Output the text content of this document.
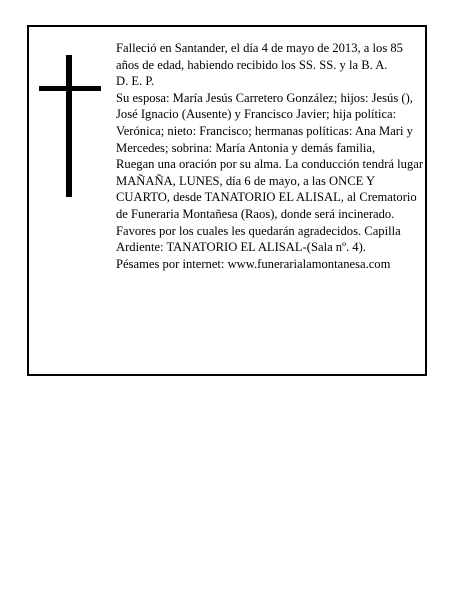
Falleció en Santander, el día 4 de mayo de 2013, a los 85 años de edad, habiendo recibido los SS. SS. y la B. A.

D. E. P.

Su esposa: María Jesús Carretero González; hijos: Jesús (), José Ignacio (Ausente) y Francisco Javier; hija política: Verónica; nieto: Francisco; hermanas políticas: Ana Mari y Mercedes; sobrina: María Antonia y demás familia,

Ruegan una oración por su alma. La conducción tendrá lugar MAÑAÑA, LUNES, día 6 de mayo, a las ONCE Y CUARTO, desde TANATORIO EL ALISAL, al Crematorio de Funeraria Montañesa (Raos), donde será incinerado. Favores por los cuales les quedarán agradecidos. Capilla Ardiente: TANATORIO EL ALISAL-(Sala nº. 4).

Pésames por internet: www.funerarialamontanesa.com
